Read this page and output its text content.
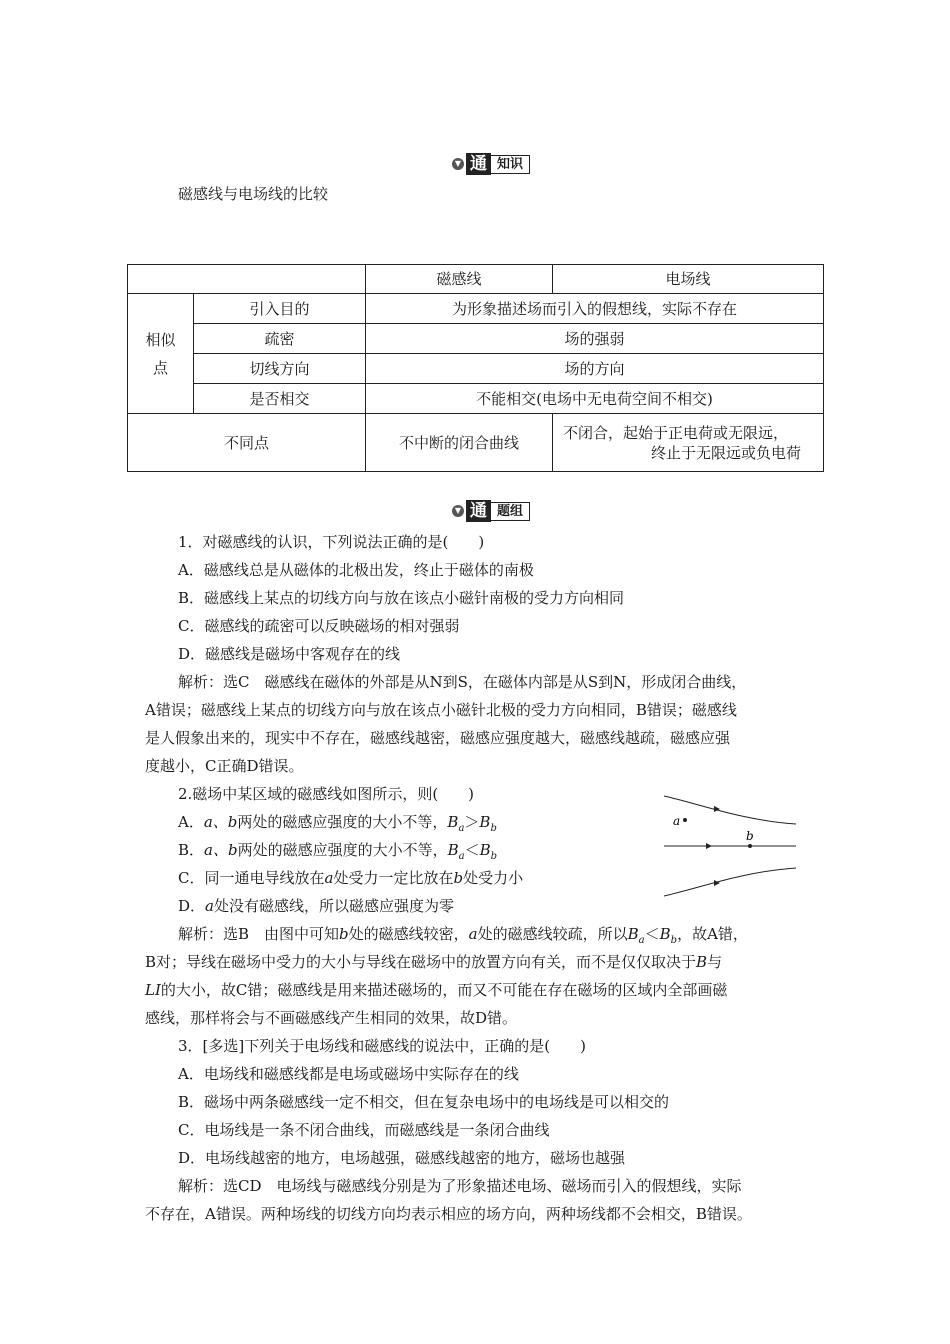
▼ 通 知识
磁感线与电场线的比较
		磁感线	电场线

相似
点	引入目的	为形象描述场而引入的假想线，实际不存在	
	疏密	场的强弱	
	切线方向	场的方向	
	是否相交	不能相交(电场中无电荷空间不相交)	
不同点		不中断的闭合曲线	不闭合，起始于正电荷或无限远，
终止于无限远或负电荷
▼ 通 题组
1．对磁感线的认识，下列说法正确的是(　　)
A．磁感线总是从磁体的北极出发，终止于磁体的南极
B．磁感线上某点的切线方向与放在该点小磁针南极的受力方向相同
C．磁感线的疏密可以反映磁场的相对强弱
D．磁感线是磁场中客观存在的线
解析：选C　磁感线在磁体的外部是从N到S，在磁体内部是从S到N，形成闭合曲线，
A错误；磁感线上某点的切线方向与放在该点小磁针北极的受力方向相同，B错误；磁感线
是人假象出来的，现实中不存在，磁感线越密，磁感应强度越大，磁感线越疏，磁感应强
度越小，C正确D错误。
2.磁场中某区域的磁感线如图所示，则(　　)
A．a、b两处的磁感应强度的大小不等，$B_a>B_b$
B．a、b两处的磁感应强度的大小不等，$B_a<B_b$
C．同一通电导线放在a处受力一定比放在b处受力小
D．a处没有磁感线，所以磁感应强度为零
a
b
解析：选B　由图中可知b处的磁感线较密，a处的磁感线较疏，所以$B_a<B_b$，故A错，
B对；导线在磁场中受力的大小与导线在磁场中的放置方向有关，而不是仅仅取决于B与
LI的大小，故C错；磁感线是用来描述磁场的，而又不可能在存在磁场的区域内全部画磁
感线，那样将会与不画磁感线产生相同的效果，故D错。
3．[多选]下列关于电场线和磁感线的说法中，正确的是(　　)
A．电场线和磁感线都是电场或磁场中实际存在的线
B．磁场中两条磁感线一定不相交，但在复杂电场中的电场线是可以相交的
C．电场线是一条不闭合曲线，而磁感线是一条闭合曲线
D．电场线越密的地方，电场越强，磁感线越密的地方，磁场也越强
解析：选CD　电场线与磁感线分别是为了形象描述电场、磁场而引入的假想线，实际
不存在，A错误。两种场线的切线方向均表示相应的场方向，两种场线都不会相交，B错误。
